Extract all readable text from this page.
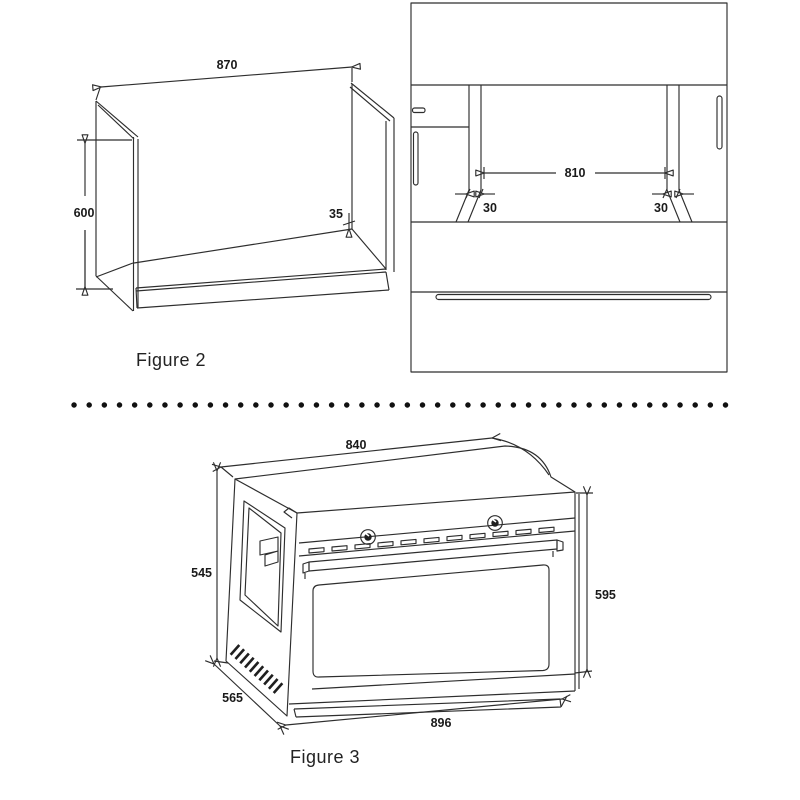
870
600	35
Figure 2
810
30	30
840
545
595
565
896
Figure 3
